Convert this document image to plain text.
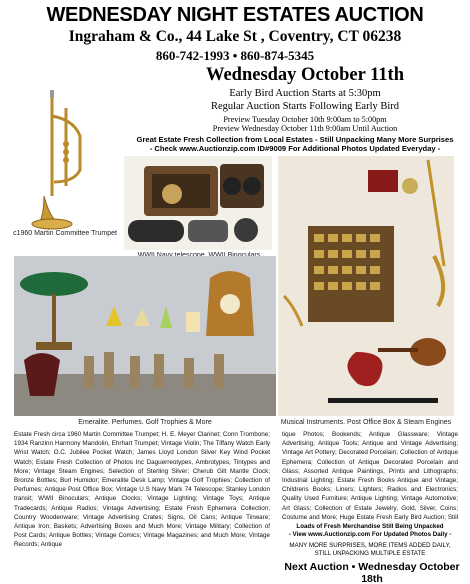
WEDNESDAY NIGHT ESTATES AUCTION
Ingraham & Co., 44 Lake St , Coventry, CT 06238
860-742-1993 • 860-874-5345
c1960 Martin Committee Trumpet
Wednesday October 11th
Early Bird Auction Starts at 5:30pm
Regular Auction Starts Following Early Bird
Preview Tuesday October 10th 9:00am to 5:00pm
Preview Wednesday October 11th 9:00am Until Auction
Great Estate Fresh Collection from Local Estates - Still Unpacking Many More Surprises
- Check www.Auctionzip.com ID#9009 For Additional Photos Updated Everyday -
Emeralite. Perfumes. Golf Trophies & More	Musical Instruments. Post Office Box & Steam Engines
Estate Fresh circa 1960 Martin Committee Trumpet; H. E. Meyer Clarinet; Conn Trombone; 1934 Ranzinn Harmony Mandolin, Ehrhart Trumpet; Vintage Violin; The Tiffany Watch Early Wrist Watch; O.C. Jubilee Pocket Watch; James Lloyd London Silver Key Wind Pocket Watch; Estate Fresh Collection of Photos Inc Daguerreotypes, Ambrotypes, Tintypes and More; Vintage Steam Engines; Selection of Sterling Silver; Cherub Gilt Mantle Clock; Bronze Bottles; Burl Humidor; Emeralite Desk Lamp; Vintage Golf Trophies; Collection of Perfumes; Antique Post Office Box; Vintage U.S Navy Mark 74 Telescope; Stanley London transit; WWII Binoculars; Antique Clocks; Vintage Lighting; Vintage Toys; Antique Tradecards; Antique Radios; Vintage Advertising; Estate Fresh Ephemera Collection; Country Woodenware; Vintage Advertising Crates; Signs, Oil Cans; Antique Tinware; Antique Iron; Baskets; Advertising Boxes and Much More; Vintage Military; Collection of Post Cards; Antique Bottles; Vintage Comics; Vintage Magazines; and Much More; Vintage Records; Antique
tique Photos; Bookends; Antique Glassware; Vintage Advertising; Antique Tools; Antique and Vintage Advertising; Vintage Art Pottery; Decorated Porcelain; Collection of Antique Ephemera; Collection of Antique Decorated Porcelain and Glass; Assorted Antique Paintings, Prints and Lithographs; Industrial Lighting; Estate Fresh Books Antique and Vintage; Childrens Books; Liners; Lighters; Radios and Electronics; Quality Used Furniture; Antique Lighting; Vintage Automotive; Art Glass; Collection of Estate Jewelry, Gold, Silver, Coins; Costume and More; Huge Estate Fresh Early Bird Auction; Still
Loads of Fresh Merchandise Still Being Unpacked
- View www.Auctionzip.com For Updated Photos Daily -
MANY MORE SURPRISES, MORE ITEMS ADDED DAILY,
STILL UNPACKING MULTIPLE ESTATE
Next Auction • Wednesday October 18th
